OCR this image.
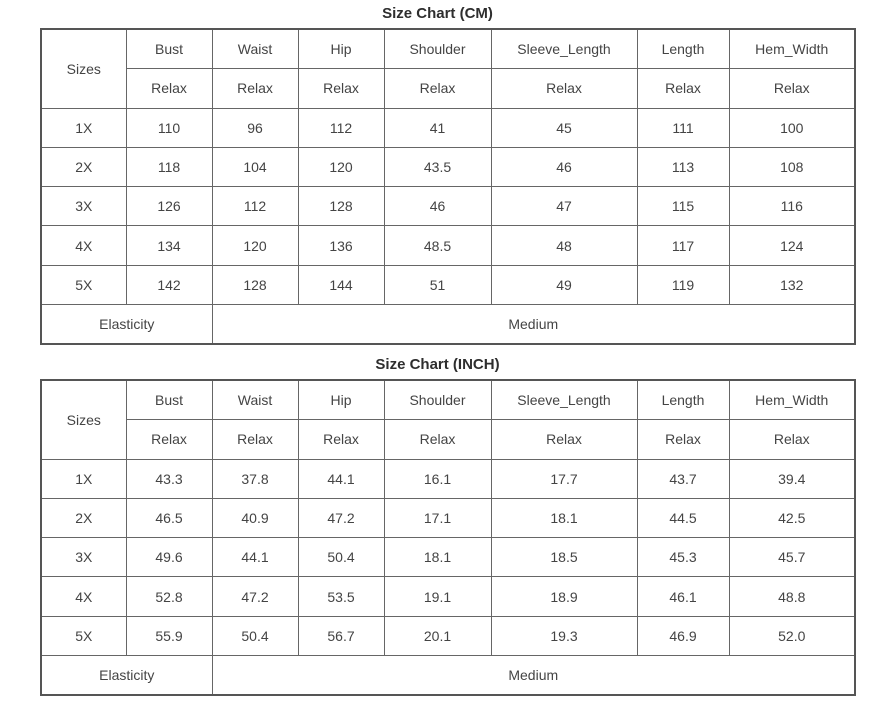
Size Chart (CM)
Sizes	Bust	Waist	Hip	Shoulder	Sleeve_Length	Length	Hem_Width
	Relax	Relax	Relax	Relax	Relax	Relax	Relax
1X	110	96	112	41	45	111	100
2X	118	104	120	43.5	46	113	108
3X	126	112	128	46	47	115	116
4X	134	120	136	48.5	48	117	124
5X	142	128	144	51	49	119	132
Elasticity		Medium					
Size Chart (INCH)
Sizes	Bust	Waist	Hip	Shoulder	Sleeve_Length	Length	Hem_Width
	Relax	Relax	Relax	Relax	Relax	Relax	Relax
1X	43.3	37.8	44.1	16.1	17.7	43.7	39.4
2X	46.5	40.9	47.2	17.1	18.1	44.5	42.5
3X	49.6	44.1	50.4	18.1	18.5	45.3	45.7
4X	52.8	47.2	53.5	19.1	18.9	46.1	48.8
5X	55.9	50.4	56.7	20.1	19.3	46.9	52.0
Elasticity		Medium					
